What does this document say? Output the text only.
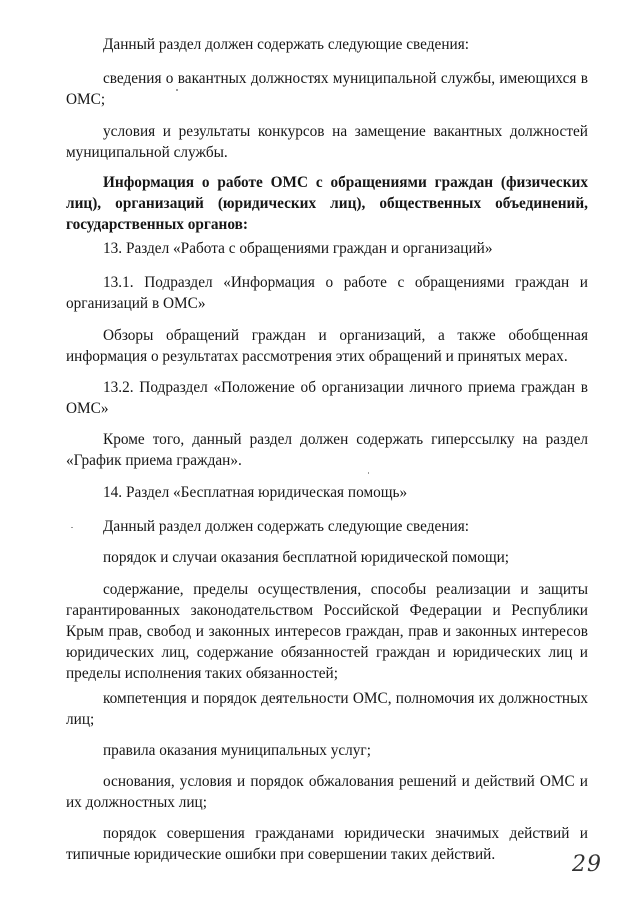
Данный раздел должен содержать следующие сведения:

сведения о вакантных должностях муниципальной службы, имеющихся в ОМС;

условия и результаты конкурсов на замещение вакантных должностей муниципальной службы.

Информация о работе ОМС с обращениями граждан (физических лиц), организаций (юридических лиц), общественных объединений, государственных органов:

13. Раздел «Работа с обращениями граждан и организаций»

13.1. Подраздел «Информация о работе с обращениями граждан и организаций в ОМС»

Обзоры обращений граждан и организаций, а также обобщенная информация о результатах рассмотрения этих обращений и принятых мерах.

13.2. Подраздел «Положение об организации личного приема граждан в ОМС»

Кроме того, данный раздел должен содержать гиперссылку на раздел «График приема граждан».

14. Раздел «Бесплатная юридическая помощь»

Данный раздел должен содержать следующие сведения:

порядок и случаи оказания бесплатной юридической помощи;

содержание, пределы осуществления, способы реализации и защиты гарантированных законодательством Российской Федерации и Республики Крым прав, свобод и законных интересов граждан, прав и законных интересов юридических лиц, содержание обязанностей граждан и юридических лиц и пределы исполнения таких обязанностей;

компетенция и порядок деятельности ОМС, полномочия их должностных лиц;

правила оказания муниципальных услуг;

основания, условия и порядок обжалования решений и действий ОМС и их должностных лиц;

порядок совершения гражданами юридически значимых действий и типичные юридические ошибки при совершении таких действий.	29
